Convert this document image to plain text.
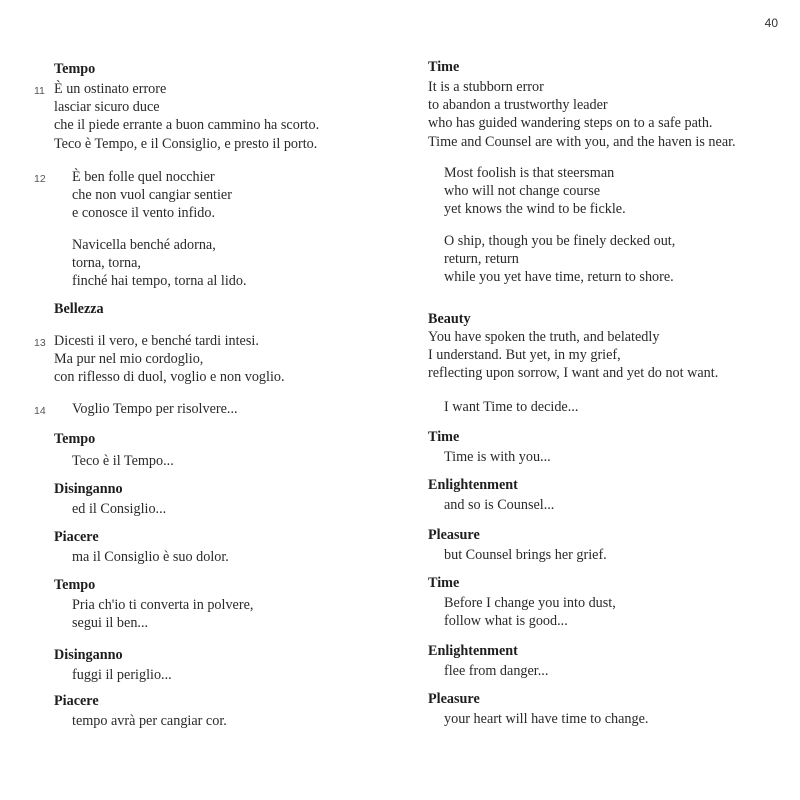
40
Tempo
11 È un ostinato errore
lasciar sicuro duce
che il piede errante a buon cammino ha scorto.
Teco è Tempo, e il Consiglio, e presto il porto.
12 È ben folle quel nocchier
che non vuol cangiar sentier
e conosce il vento infido.
Navicella benché adorna,
torna, torna,
finché hai tempo, torna al lido.
Bellezza
13 Dicesti il vero, e benché tardi intesi.
Ma pur nel mio cordoglio,
con riflesso di duol, voglio e non voglio.
14 Voglio Tempo per risolvere...
Tempo
Teco è il Tempo...
Disinganno
ed il Consiglio...
Piacere
ma il Consiglio è suo dolor.
Tempo
Pria ch'io ti converta in polvere,
segui il ben...
Disinganno
fuggi il periglio...
Piacere
tempo avrà per cangiar cor.
Time
It is a stubborn error
to abandon a trustworthy leader
who has guided wandering steps on to a safe path.
Time and Counsel are with you, and the haven is near.
Most foolish is that steersman
who will not change course
yet knows the wind to be fickle.
O ship, though you be finely decked out,
return, return
while you yet have time, return to shore.
Beauty
You have spoken the truth, and belatedly
I understand. But yet, in my grief,
reflecting upon sorrow, I want and yet do not want.
I want Time to decide...
Time
Time is with you...
Enlightenment
and so is Counsel...
Pleasure
but Counsel brings her grief.
Time
Before I change you into dust,
follow what is good...
Enlightenment
flee from danger...
Pleasure
your heart will have time to change.
